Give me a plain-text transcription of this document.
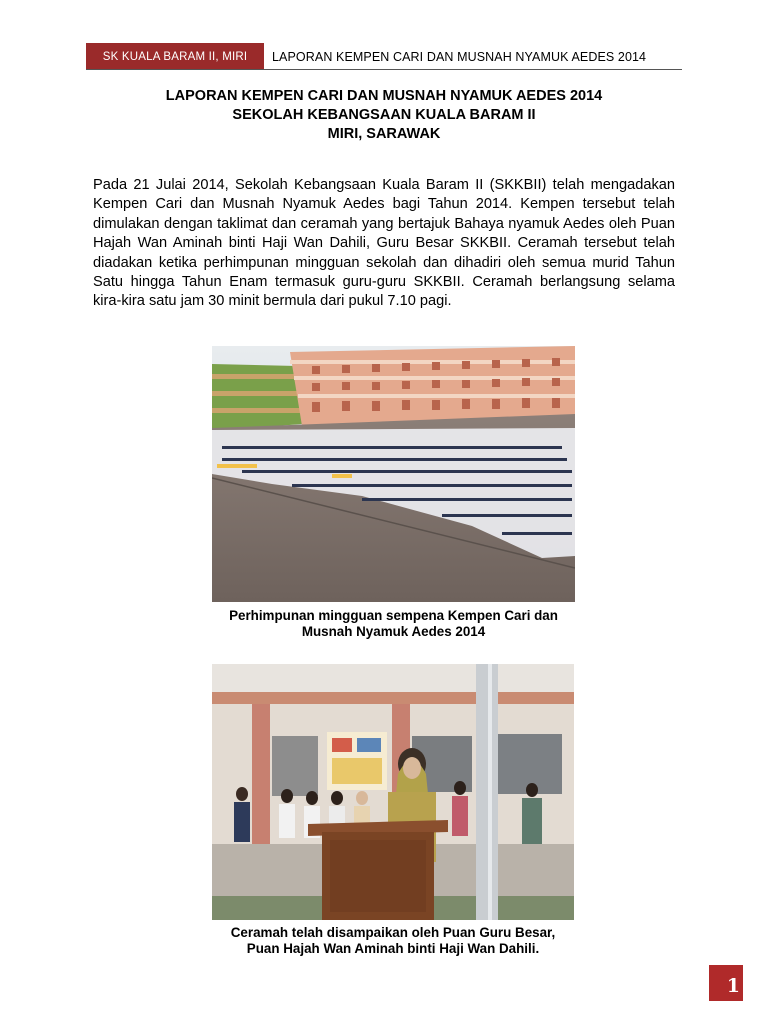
SK KUALA BARAM II, MIRI	LAPORAN KEMPEN CARI DAN MUSNAH NYAMUK AEDES 2014
LAPORAN KEMPEN CARI DAN MUSNAH NYAMUK AEDES 2014
SEKOLAH KEBANGSAAN KUALA BARAM II
MIRI, SARAWAK
Pada 21 Julai 2014, Sekolah Kebangsaan Kuala Baram II (SKKBII) telah mengadakan Kempen Cari dan Musnah Nyamuk Aedes bagi Tahun 2014. Kempen tersebut telah dimulakan dengan taklimat dan ceramah yang bertajuk Bahaya nyamuk Aedes oleh Puan Hajah Wan Aminah binti Haji Wan Dahili, Guru Besar SKKBII. Ceramah tersebut telah diadakan ketika perhimpunan mingguan sekolah dan dihadiri oleh semua murid Tahun Satu hingga Tahun Enam termasuk guru-guru SKKBII. Ceramah berlangsung selama kira-kira satu jam 30 minit bermula dari pukul 7.10 pagi.
Perhimpunan mingguan sempena Kempen Cari dan
Musnah Nyamuk Aedes 2014
Ceramah telah disampaikan oleh Puan Guru Besar,
Puan Hajah Wan Aminah binti Haji Wan Dahili.
1
